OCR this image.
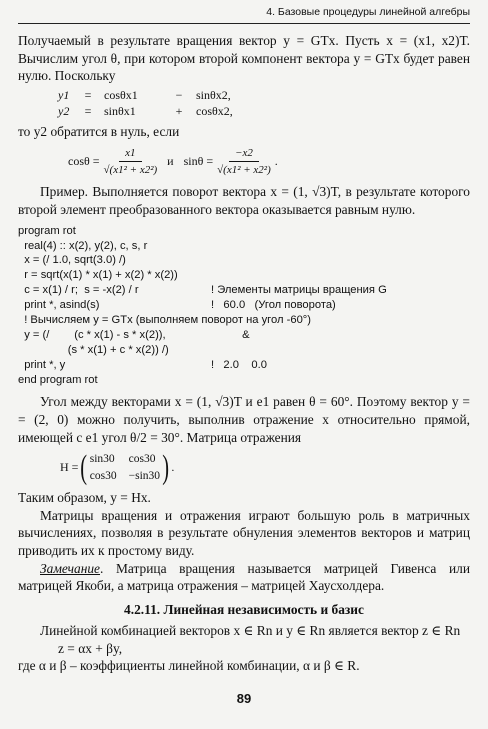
4. Базовые процедуры линейной алгебры

Получаемый в результате вращения вектор y = GTx. Пусть x = (x1, x2)T. Вычислим угол θ, при котором второй компонент вектора y = GTx будет равен нулю. Поскольку

y1 = cosθx1	−	sinθx2,
y2 = sinθx1	+	cosθx2,

то y2 обратится в нуль, если

$\cos\theta = \frac{x1}{\text{√(x1² + x2²)}}$ и $\sin\theta = \frac{-x2}{\text{√(x1² + x2²)}}$ .

Пример. Выполняется поворот вектора x = (1, √3)T, в результате которого второй элемент преобразованного вектора оказывается равным нулю.

program rot
real(4) :: x(2), y(2), c, s, r
x = (/ 1.0, sqrt(3.0) /)
r = sqrt(x(1) * x(1) + x(2) * x(2))
c = x(1) / r;  s = -x(2) / r	! Элементы матрицы вращения G
print *, asind(s)	!   60.0   (Угол поворота)
! Вычисляем y = GTx (выполняем поворот на угол -60°)
y = (/        (c * x(1) - s * x(2)),	&
(s * x(1) + c * x(2)) /)
print *, y	!   2.0    0.0
end program rot

Угол между векторами x = (1, √3)T и e1 равен θ = 60°. Поэтому вектор y = = (2, 0) можно получить, выполнив отражение x относительно прямой, имеющей с e1 угол θ/2 = 30°. Матрица отражения

H = ( sin30 cos30
cos30 −sin30 ) .

Таким образом, y = Hx.

Матрицы вращения и отражения играют большую роль в матричных вычислениях, позволяя в результате обнуления элементов векторов и матриц приводить их к простому виду.

Замечание. Матрица вращения называется матрицей Гивенса или матрицей Якоби, а матрица отражения – матрицей Хаусхолдера.

4.2.11. Линейная независимость и базис

Линейной комбинацией векторов x ∈ Rn и y ∈ Rn является вектор z ∈ Rn

z = αx + βy,

где α и β – коэффициенты линейной комбинации, α и β ∈ R.

89
